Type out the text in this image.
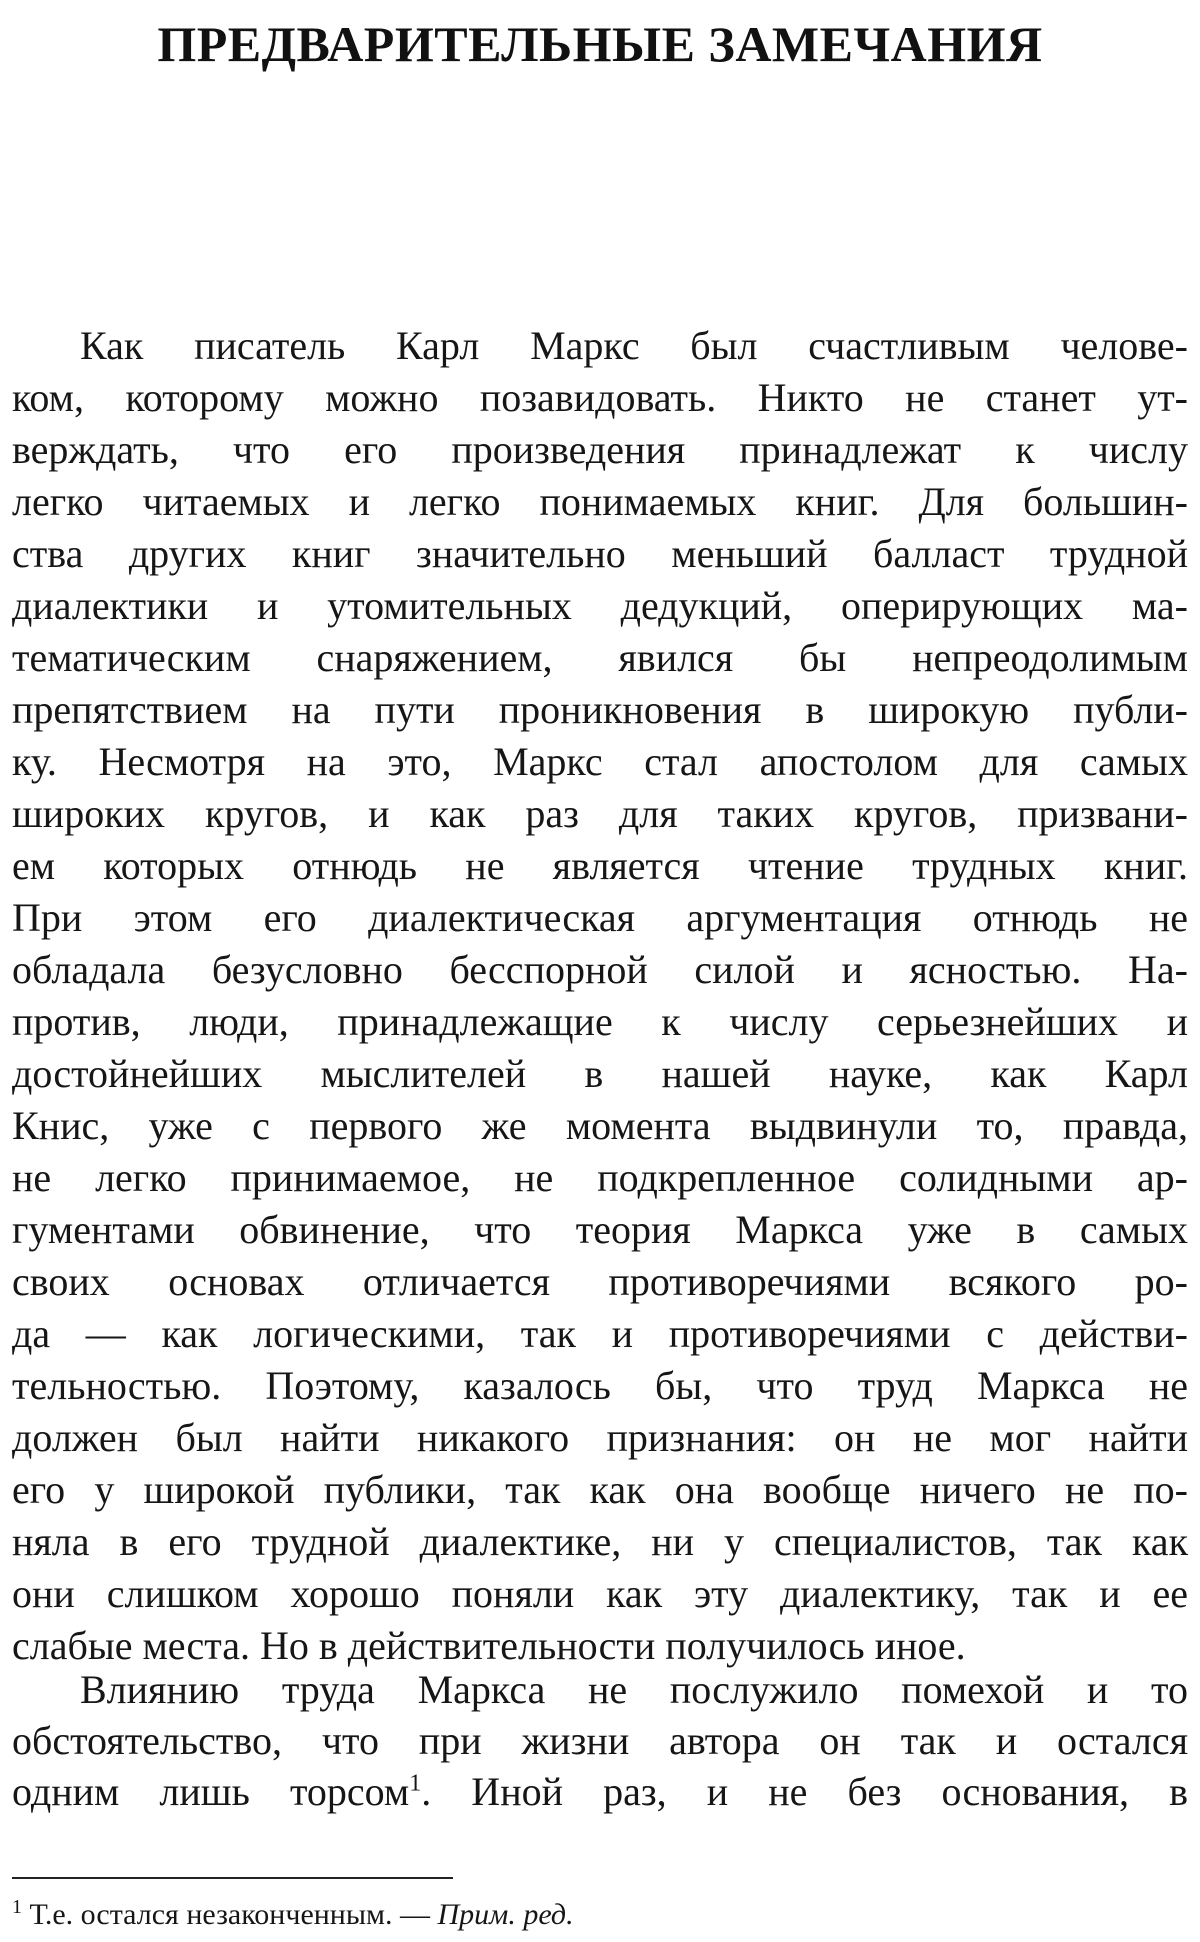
ПРЕДВАРИТЕЛЬНЫЕ ЗАМЕЧАНИЯ
Как писатель Карл Маркс был счастливым челове-
ком, которому можно позавидовать. Никто не станет ут-
верждать, что его произведения принадлежат к числу
легко читаемых и легко понимаемых книг. Для большин-
ства других книг значительно меньший балласт трудной
диалектики и утомительных дедукций, оперирующих ма-
тематическим снаряжением, явился бы непреодолимым
препятствием на пути проникновения в широкую публи-
ку. Несмотря на это, Маркс стал апостолом для самых
широких кругов, и как раз для таких кругов, призвани-
ем которых отнюдь не является чтение трудных книг.
При этом его диалектическая аргументация отнюдь не
обладала безусловно бесспорной силой и ясностью. На-
против, люди, принадлежащие к числу серьезнейших и
достойнейших мыслителей в нашей науке, как Карл
Книс, уже с первого же момента выдвинули то, правда,
не легко принимаемое, не подкрепленное солидными ар-
гументами обвинение, что теория Маркса уже в самых
своих основах отличается противоречиями всякого ро-
да — как логическими, так и противоречиями с действи-
тельностью. Поэтому, казалось бы, что труд Маркса не
должен был найти никакого признания: он не мог найти
его у широкой публики, так как она вообще ничего не по-
няла в его трудной диалектике, ни у специалистов, так как
они слишком хорошо поняли как эту диалектику, так и ее
слабые места. Но в действительности получилось иное.
Влиянию труда Маркса не послужило помехой и то
обстоятельство, что при жизни автора он так и остался
одним лишь торсом$^1$. Иной раз, и не без основания, в

$^1$ Т.е. остался незаконченным. — Прим. ред.
